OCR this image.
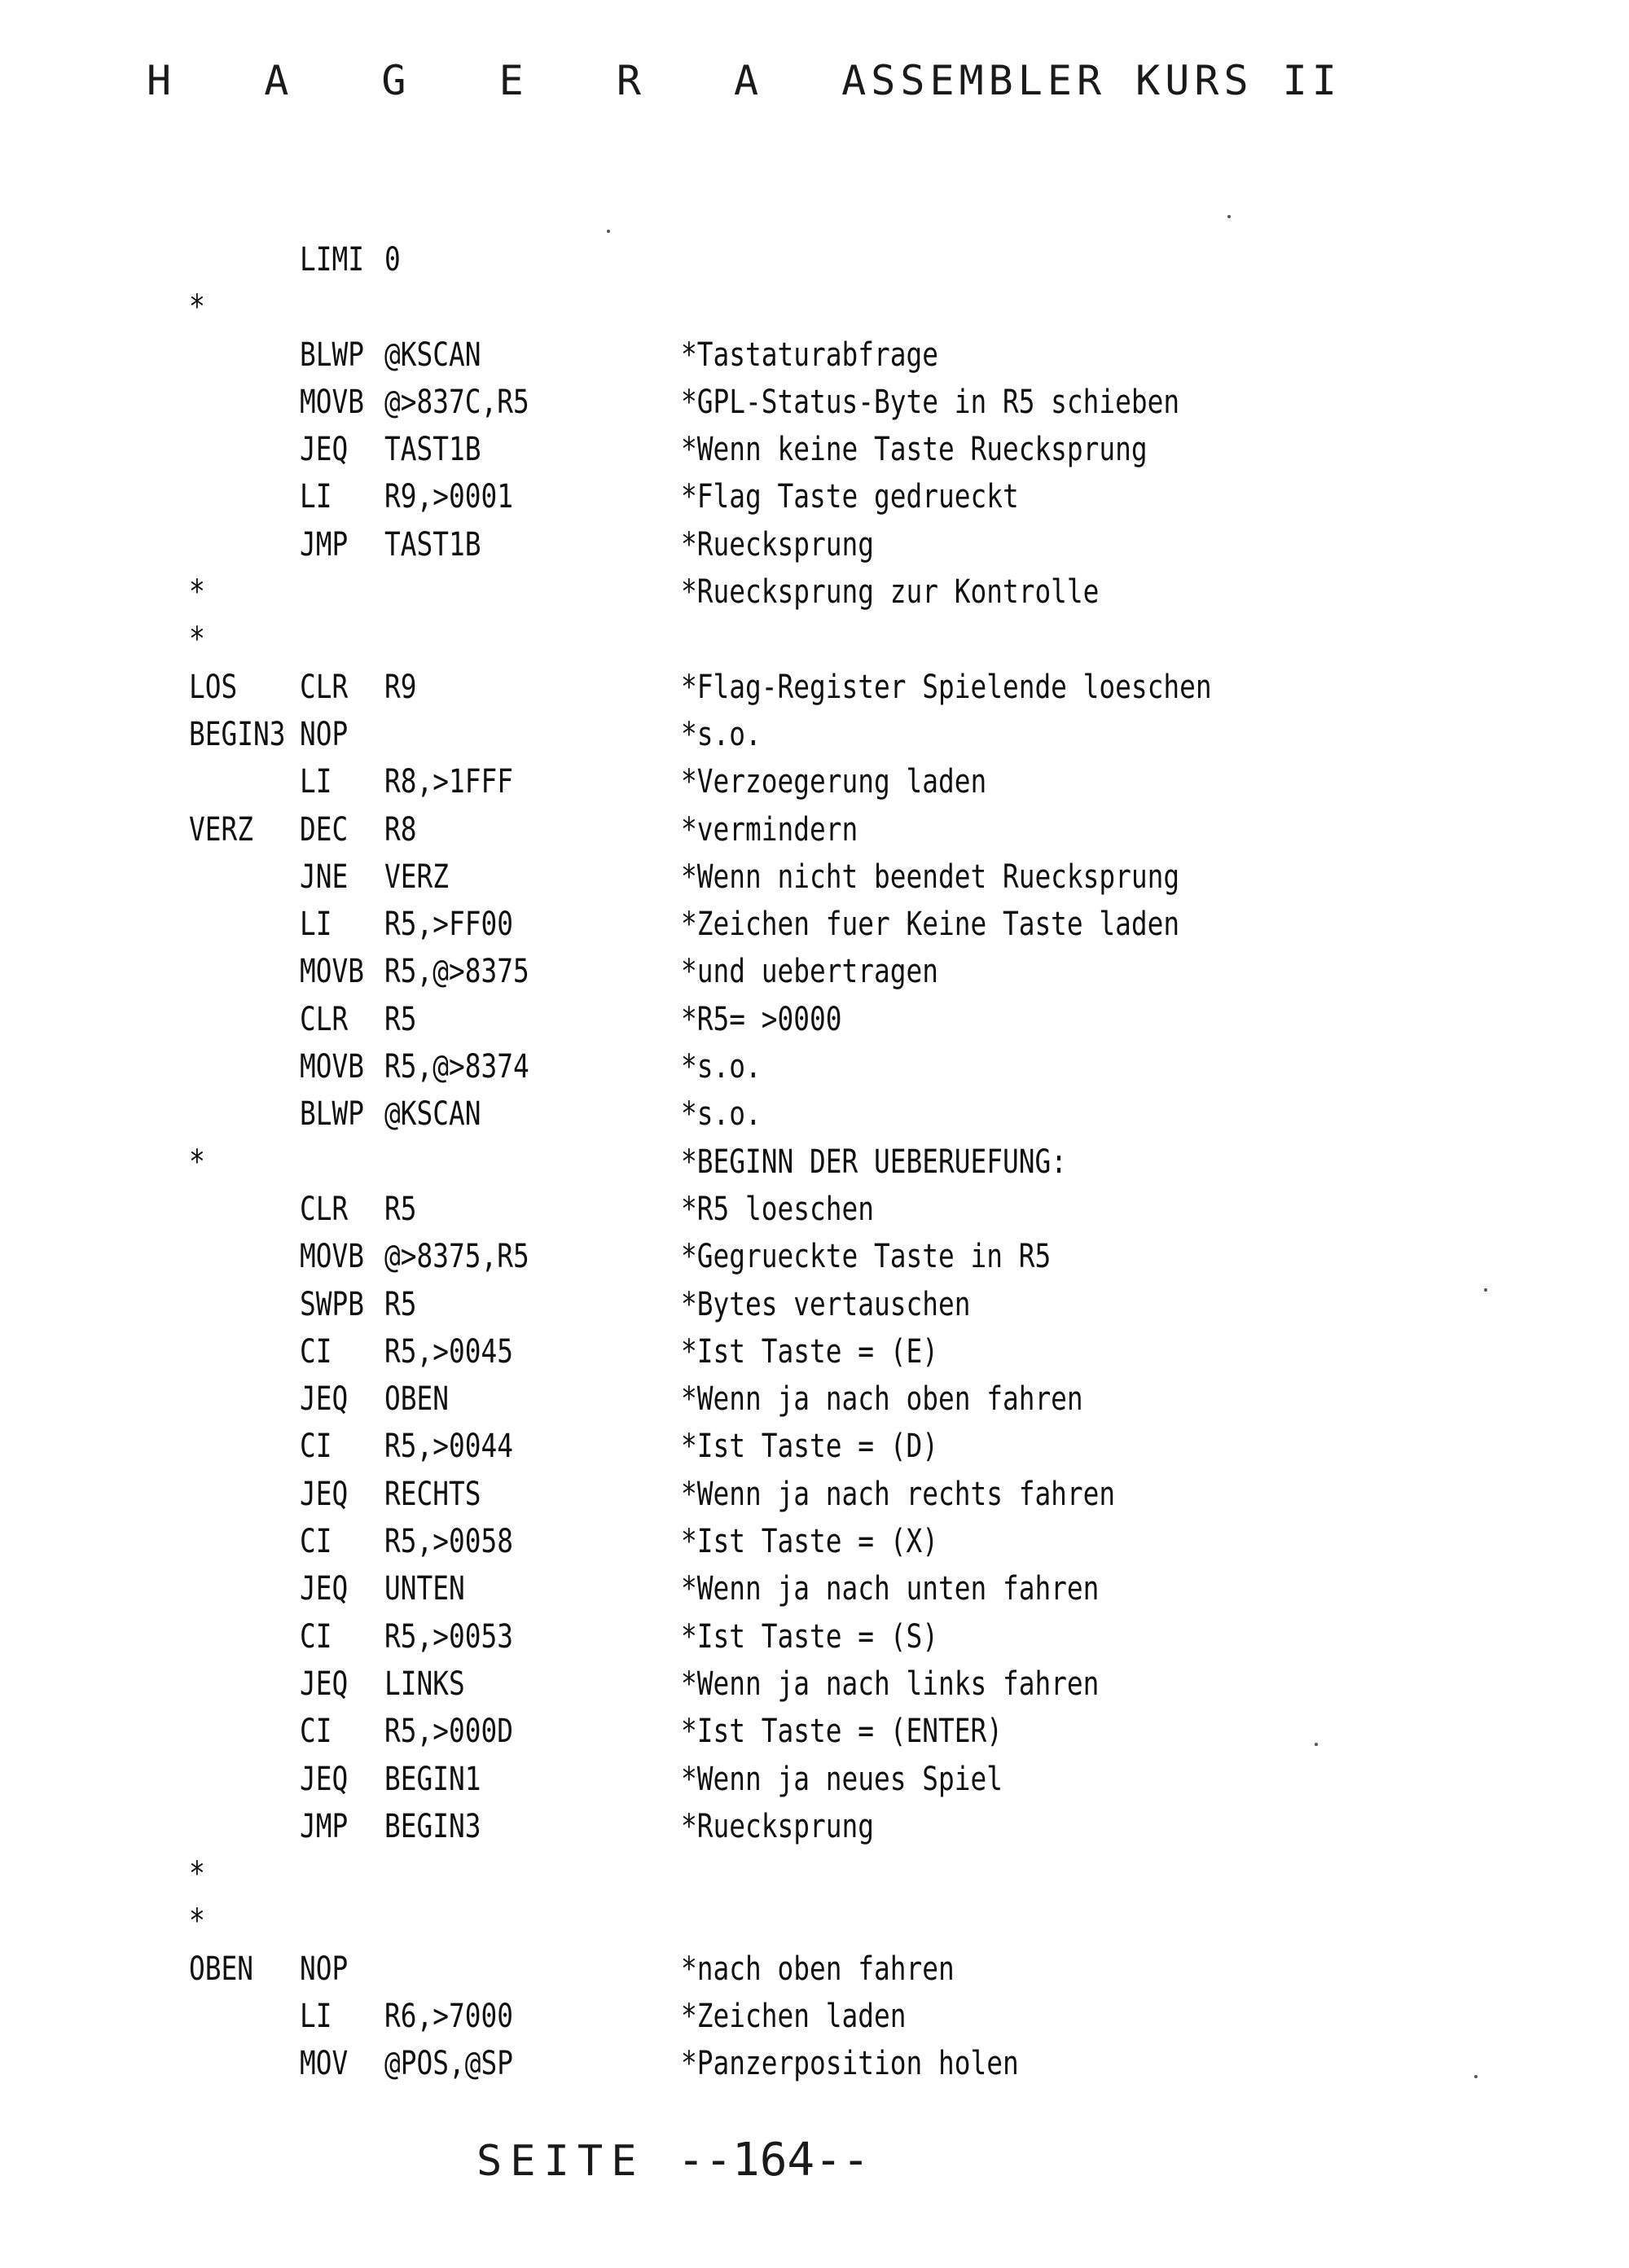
H A G E R A ASSEMBLER KURS II
LIMI 0
*
BLWP @KSCAN	*Tastaturabfrage
MOVB @>837C,R5	*GPL-Status-Byte in R5 schieben
JEQ TAST1B	*Wenn keine Taste Ruecksprung
LI R9,>0001	*Flag Taste gedrueckt
JMP TAST1B	*Ruecksprung
*	*Ruecksprung zur Kontrolle
*
LOS CLR R9	*Flag-Register Spielende loeschen
BEGIN3 NOP	*s.o.
LI R8,>1FFF	*Verzoegerung laden
VERZ DEC R8	*vermindern
JNE VERZ	*Wenn nicht beendet Ruecksprung
LI R5,>FF00	*Zeichen fuer Keine Taste laden
MOVB R5,@>8375	*und uebertragen
CLR R5	*R5= >0000
MOVB R5,@>8374	*s.o.
BLWP @KSCAN	*s.o.
*	*BEGINN DER UEBERUEFUNG:
CLR R5	*R5 loeschen
MOVB @>8375,R5	*Gegrueckte Taste in R5
SWPB R5	*Bytes vertauschen
CI R5,>0045	*Ist Taste = (E)
JEQ OBEN	*Wenn ja nach oben fahren
CI R5,>0044	*Ist Taste = (D)
JEQ RECHTS	*Wenn ja nach rechts fahren
CI R5,>0058	*Ist Taste = (X)
JEQ UNTEN	*Wenn ja nach unten fahren
CI R5,>0053	*Ist Taste = (S)
JEQ LINKS	*Wenn ja nach links fahren
CI R5,>000D	*Ist Taste = (ENTER)
JEQ BEGIN1	*Wenn ja neues Spiel
JMP BEGIN3	*Ruecksprung
*
*
OBEN NOP	*nach oben fahren
LI R6,>7000	*Zeichen laden
MOV @POS,@SP	*Panzerposition holen
SEITE --164--
